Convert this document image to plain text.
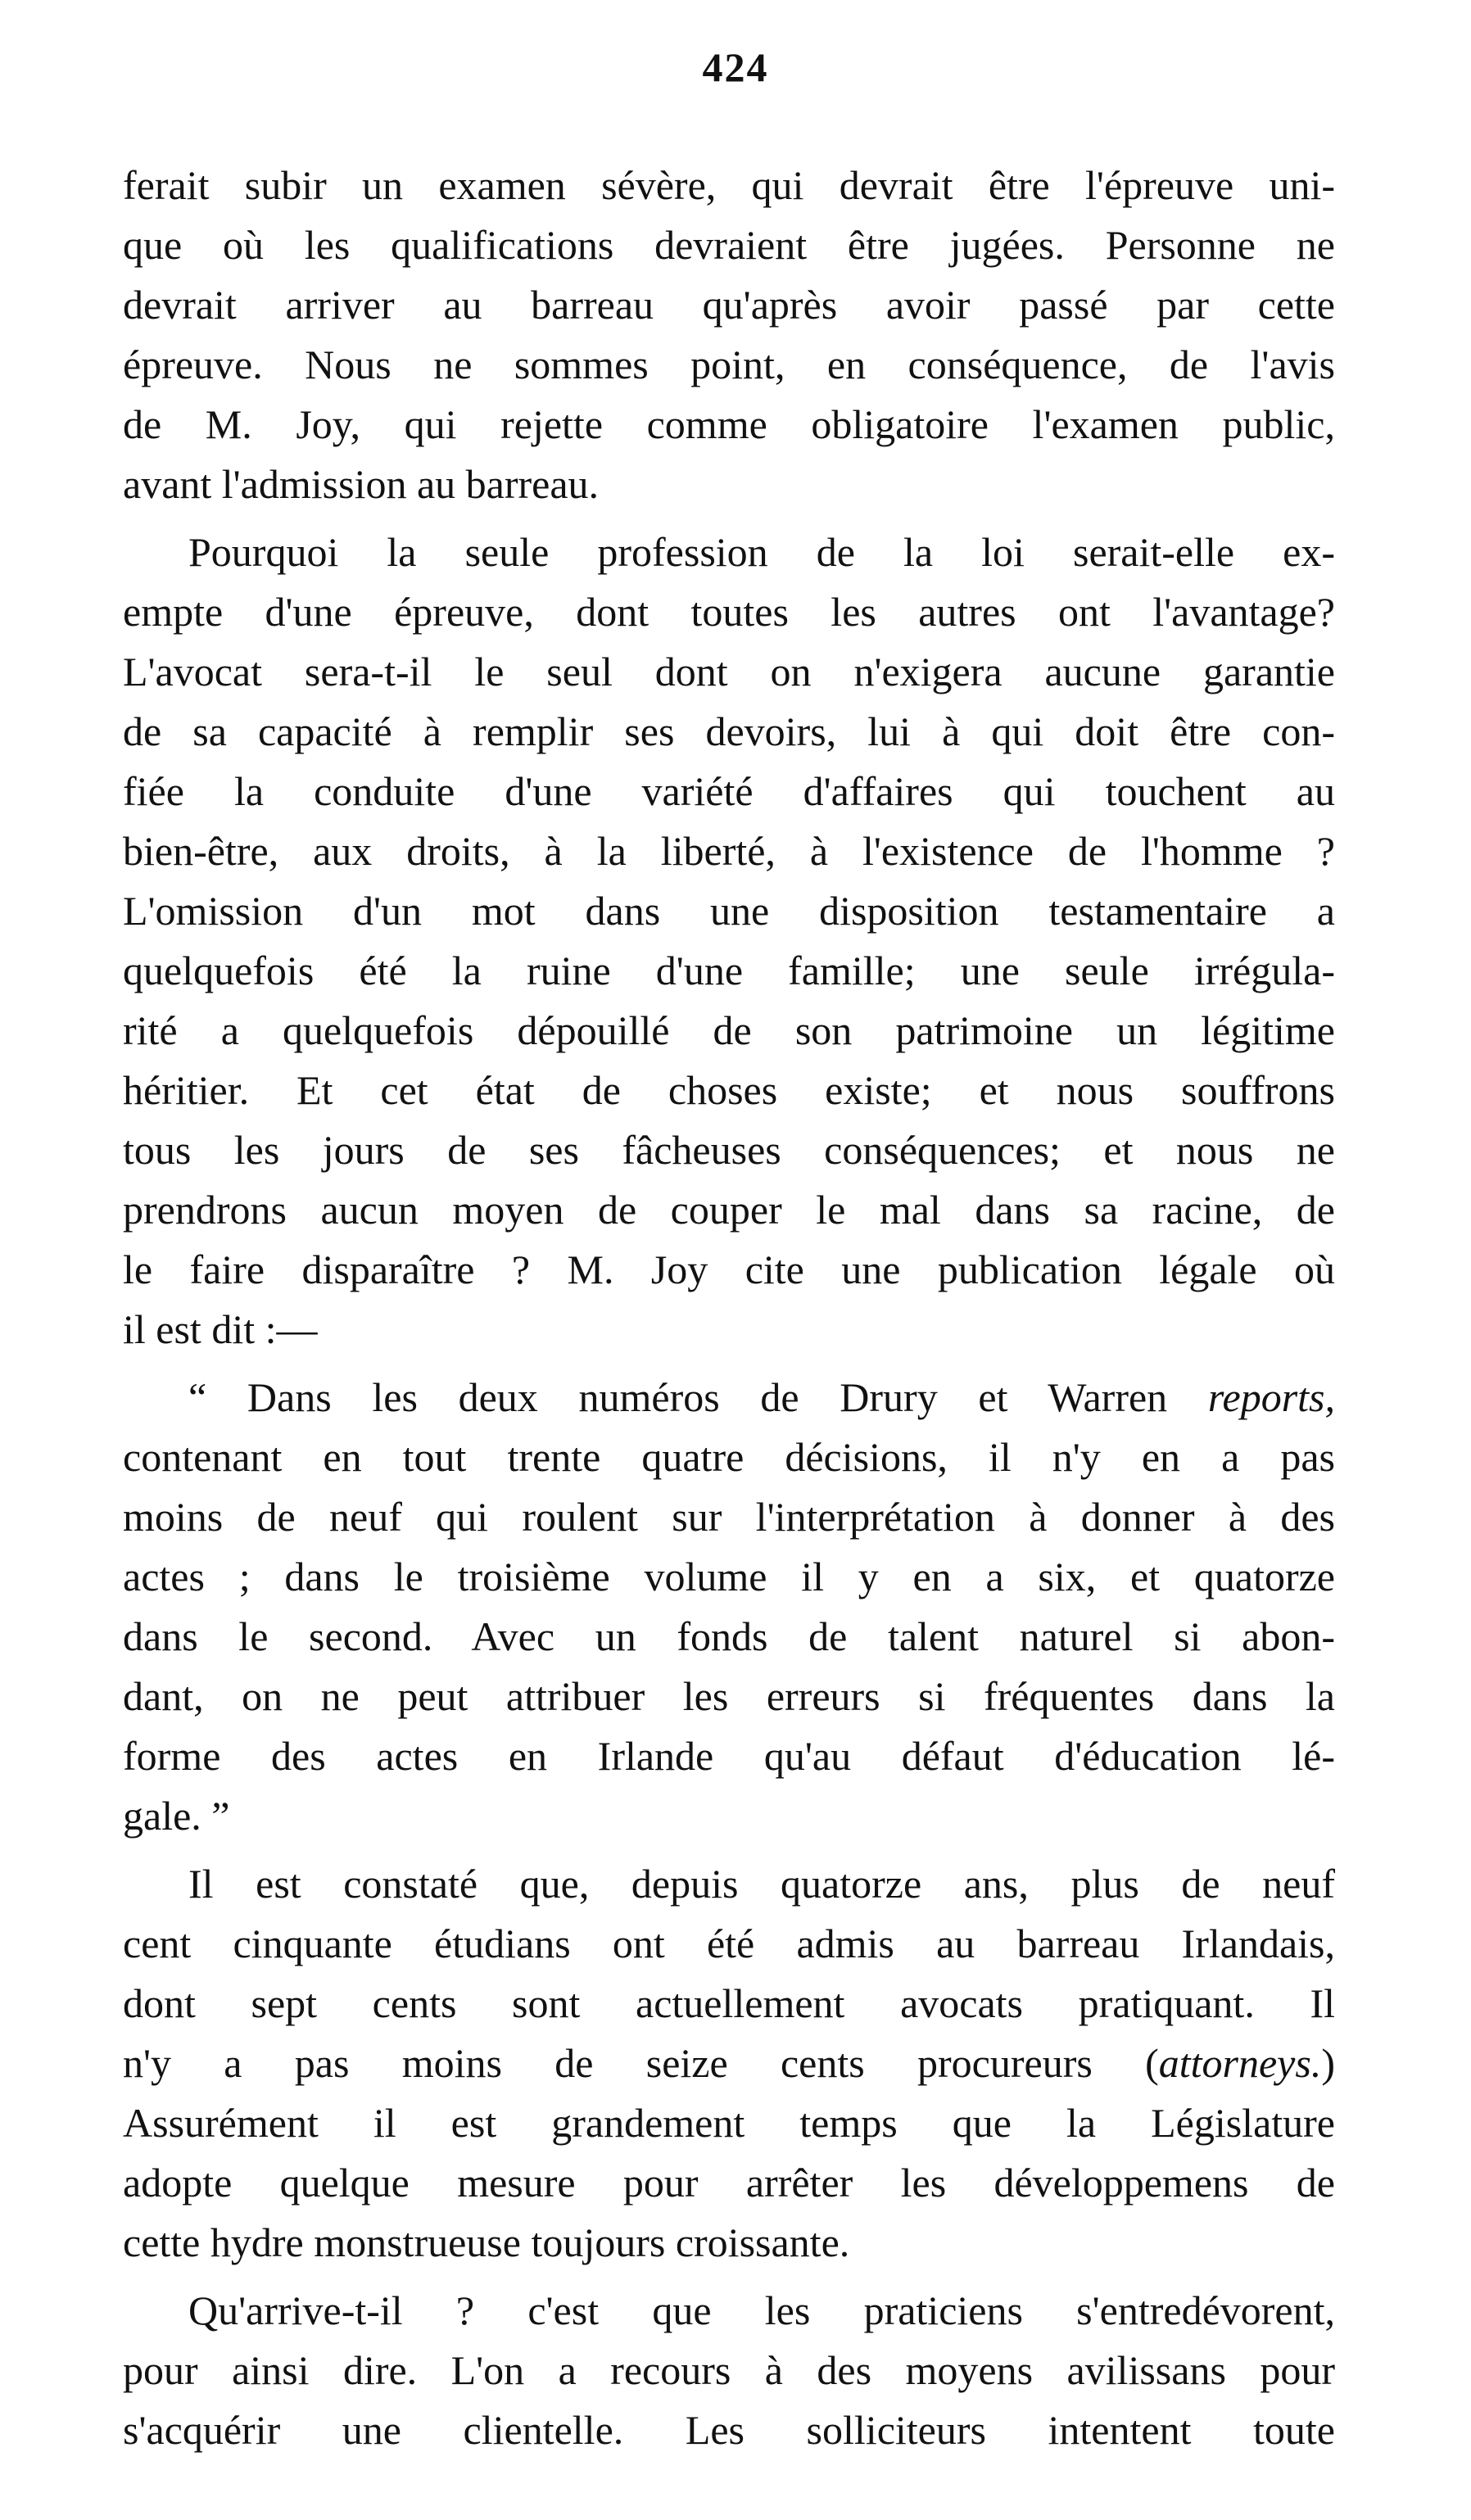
424
ferait subir un examen sévère, qui devrait être l'épreuve uni-
que où les qualifications devraient être jugées. Personne ne
devrait arriver au barreau qu'après avoir passé par cette
épreuve. Nous ne sommes point, en conséquence, de l'avis
de M. Joy, qui rejette comme obligatoire l'examen public,
avant l'admission au barreau.
Pourquoi la seule profession de la loi serait-elle ex-
empte d'une épreuve, dont toutes les autres ont l'avantage?
L'avocat sera-t-il le seul dont on n'exigera aucune garantie
de sa capacité à remplir ses devoirs, lui à qui doit être con-
fiée la conduite d'une variété d'affaires qui touchent au
bien-être, aux droits, à la liberté, à l'existence de l'homme ?
L'omission d'un mot dans une disposition testamentaire a
quelquefois été la ruine d'une famille; une seule irrégula-
rité a quelquefois dépouillé de son patrimoine un légitime
héritier. Et cet état de choses existe; et nous souffrons
tous les jours de ses fâcheuses conséquences; et nous ne
prendrons aucun moyen de couper le mal dans sa racine, de
le faire disparaître ? M. Joy cite une publication légale où
il est dit :—
“ Dans les deux numéros de Drury et Warren reports,
contenant en tout trente quatre décisions, il n'y en a pas
moins de neuf qui roulent sur l'interprétation à donner à des
actes ; dans le troisième volume il y en a six, et quatorze
dans le second. Avec un fonds de talent naturel si abon-
dant, on ne peut attribuer les erreurs si fréquentes dans la
forme des actes en Irlande qu'au défaut d'éducation lé-
gale. ”
Il est constaté que, depuis quatorze ans, plus de neuf
cent cinquante étudians ont été admis au barreau Irlandais,
dont sept cents sont actuellement avocats pratiquant. Il
n'y a pas moins de seize cents procureurs (attorneys.)
Assurément il est grandement temps que la Législature
adopte quelque mesure pour arrêter les développemens de
cette hydre monstrueuse toujours croissante.
Qu'arrive-t-il ? c'est que les praticiens s'entredévorent,
pour ainsi dire. L'on a recours à des moyens avilissans pour
s'acquérir une clientelle. Les solliciteurs intentent toute
